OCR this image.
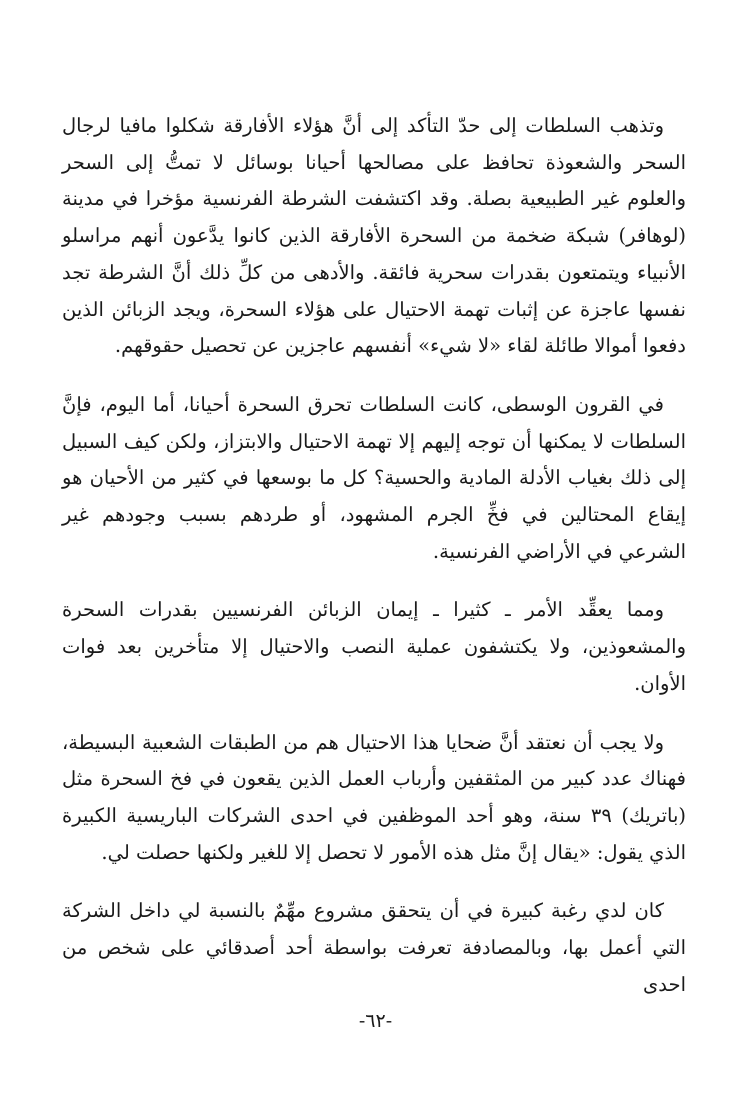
وتذهب السلطات إلى حدّ التأكد إلى أنَّ هؤلاء الأفارقة شكلوا مافيا لرجال السحر والشعوذة تحافظ على مصالحها أحيانا بوسائل لا تمتُّ إلى السحر والعلوم غير الطبيعية بصلة. وقد اكتشفت الشرطة الفرنسية مؤخرا في مدينة (لوهافر) شبكة ضخمة من السحرة الأفارقة الذين كانوا يدَّعون أنهم مراسلو الأنبياء ويتمتعون بقدرات سحرية فائقة. والأدهى من كلِّ ذلك أنَّ الشرطة تجد نفسها عاجزة عن إثبات تهمة الاحتيال على هؤلاء السحرة، ويجد الزبائن الذين دفعوا أموالا طائلة لقاء «لا شيء» أنفسهم عاجزين عن تحصيل حقوقهم.

في القرون الوسطى، كانت السلطات تحرق السحرة أحيانا، أما اليوم، فإنَّ السلطات لا يمكنها أن توجه إليهم إلا تهمة الاحتيال والابتزاز، ولكن كيف السبيل إلى ذلك بغياب الأدلة المادية والحسية؟ كل ما بوسعها في كثير من الأحيان هو إيقاع المحتالين في فخِّ الجرم المشهود، أو طردهم بسبب وجودهم غير الشرعي في الأراضي الفرنسية.

ومما يعقِّد الأمر ـ كثيرا ـ إيمان الزبائن الفرنسيين بقدرات السحرة والمشعوذين، ولا يكتشفون عملية النصب والاحتيال إلا متأخرين بعد فوات الأوان.

ولا يجب أن نعتقد أنَّ ضحايا هذا الاحتيال هم من الطبقات الشعبية البسيطة، فهناك عدد كبير من المثقفين وأرباب العمل الذين يقعون في فخ السحرة مثل (باتريك) ٣٩ سنة، وهو أحد الموظفين في احدى الشركات الباريسية الكبيرة الذي يقول: «يقال إنَّ مثل هذه الأمور لا تحصل إلا للغير ولكنها حصلت لي.

كان لدي رغبة كبيرة في أن يتحقق مشروع مهِّمٌ بالنسبة لي داخل الشركة التي أعمل بها، وبالمصادفة تعرفت بواسطة أحد أصدقائي على شخص من احدى

-٦٢-
